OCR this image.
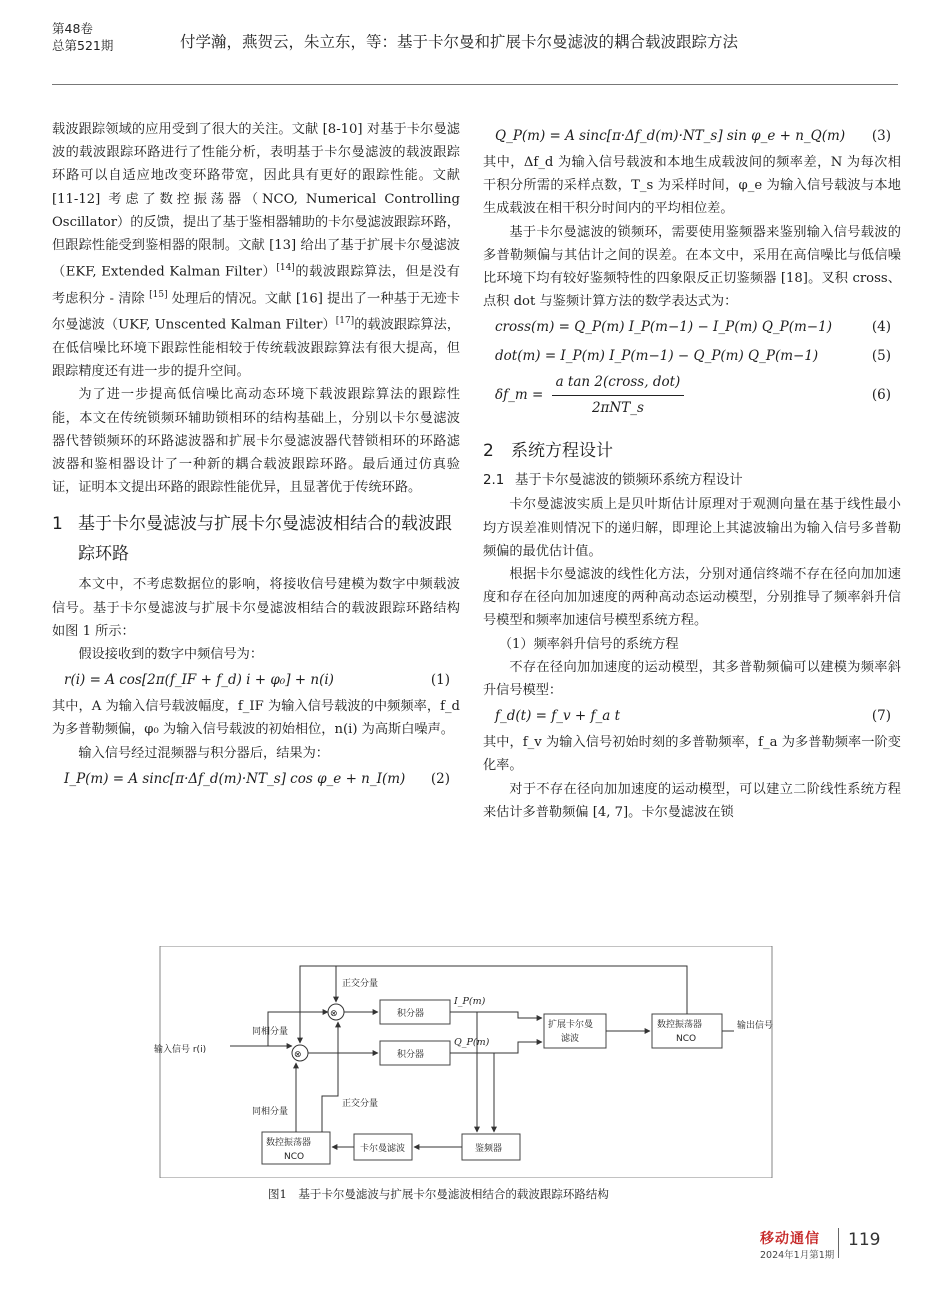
第48卷
总第521期	付学瀚，燕贺云，朱立东，等：基于卡尔曼和扩展卡尔曼滤波的耦合载波跟踪方法

载波跟踪领域的应用受到了很大的关注。文献 [8-10] 对基于卡尔曼滤波的载波跟踪环路进行了性能分析，表明基于卡尔曼滤波的载波跟踪环路可以自适应地改变环路带宽，因此具有更好的跟踪性能。文献 [11-12] 考虑了数控振荡器（NCO, Numerical Controlling Oscillator）的反馈，提出了基于鉴相器辅助的卡尔曼滤波跟踪环路，但跟踪性能受到鉴相器的限制。文献 [13] 给出了基于扩展卡尔曼滤波（EKF, Extended Kalman Filter）[14]的载波跟踪算法，但是没有考虑积分 - 清除 [15] 处理后的情况。文献 [16] 提出了一种基于无迹卡尔曼滤波（UKF, Unscented Kalman Filter）[17]的载波跟踪算法，在低信噪比环境下跟踪性能相较于传统载波跟踪算法有很大提高，但跟踪精度还有进一步的提升空间。

为了进一步提高低信噪比高动态环境下载波跟踪算法的跟踪性能，本文在传统锁频环辅助锁相环的结构基础上，分别以卡尔曼滤波器代替锁频环的环路滤波器和扩展卡尔曼滤波器代替锁相环的环路滤波器和鉴相器设计了一种新的耦合载波跟踪环路。最后通过仿真验证，证明本文提出环路的跟踪性能优异，且显著优于传统环路。

1 基于卡尔曼滤波与扩展卡尔曼滤波相结合的载波跟踪环路

本文中，不考虑数据位的影响，将接收信号建模为数字中频载波信号。基于卡尔曼滤波与扩展卡尔曼滤波相结合的载波跟踪环路结构如图 1 所示：

假设接收到的数字中频信号为：

r(i) = A cos[2π(f_IF + f_d) i + φ₀] + n(i)	(1)

其中，A 为输入信号载波幅度，f_IF 为输入信号载波的中频频率，f_d 为多普勒频偏，φ₀ 为输入信号载波的初始相位，n(i) 为高斯白噪声。

输入信号经过混频器与积分器后，结果为：

I_P(m) = A sinc[π·Δf_d(m)·NT_s] cos φ_e + n_I(m) (2)
Q_P(m) = A sinc[π·Δf_d(m)·NT_s] sin φ_e + n_Q(m) (3)

其中，Δf_d 为输入信号载波和本地生成载波间的频率差，N 为每次相干积分所需的采样点数，T_s 为采样时间，φ_e 为输入信号载波与本地生成载波在相干积分时间内的平均相位差。

基于卡尔曼滤波的锁频环，需要使用鉴频器来鉴别输入信号载波的多普勒频偏与其估计之间的误差。在本文中，采用在高信噪比与低信噪比环境下均有较好鉴频特性的四象限反正切鉴频器 [18]。叉积 cross、点积 dot 与鉴频计算方法的数学表达式为：

cross(m) = Q_P(m) I_P(m−1) − I_P(m) Q_P(m−1)	(4)
dot(m) = I_P(m) I_P(m−1) − Q_P(m) Q_P(m−1)	(5)
δf_m = $\frac{\text{a tan 2(cross, dot)}}{\text{2πNT\_s}}$	(6)
2	系统方程设计
2.1 基于卡尔曼滤波的锁频环系统方程设计

卡尔曼滤波实质上是贝叶斯估计原理对于观测向量在基于线性最小均方误差准则情况下的递归解，即理论上其滤波输出为输入信号多普勒频偏的最优估计值。

根据卡尔曼滤波的线性化方法，分别对通信终端不存在径向加加速度和存在径向加加速度的两种高动态运动模型，分别推导了频率斜升信号模型和频率加速信号模型系统方程。

（1）频率斜升信号的系统方程

不存在径向加加速度的运动模型，其多普勒频偏可以建模为频率斜升信号模型：

f_d(t) = f_v + f_a t	(7)

其中，f_v 为输入信号初始时刻的多普勒频率，f_a 为多普勒频率一阶变化率。

对于不存在径向加加速度的运动模型，可以建立二阶线性系统方程来估计多普勒频偏 [4, 7]。卡尔曼滤波在锁

输入信号 r(i)
⊗
⊗
正交分量
同相分量
同相分量
正交分量
积分器
积分器
I_P(m)
Q_P(m)
扩展卡尔曼
滤波
数控振荡器
NCO
输出信号
鉴频器
卡尔曼滤波
数控振荡器
NCO
图1　基于卡尔曼滤波与扩展卡尔曼滤波相结合的载波跟踪环路结构
移动通信
2024年1月第1期
119
